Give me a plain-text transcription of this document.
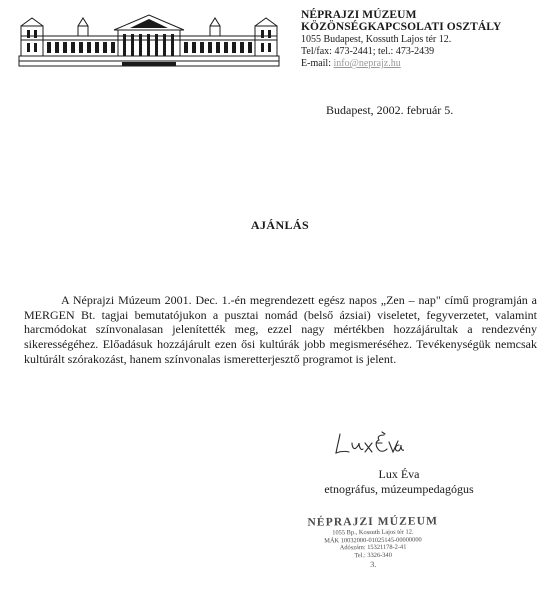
NÉPRAJZI MÚZEUM
KÖZÖNSÉGKAPCSOLATI OSZTÁLY
1055 Budapest, Kossuth Lajos tér 12.
Tel/fax: 473-2441; tel.: 473-2439
E-mail: info@neprajz.hu
Budapest, 2002. február 5.
AJÁNLÁS

A Néprajzi Múzeum 2001. Dec. 1.-én megrendezett egész napos „Zen – nap" című programján a MERGEN Bt. tagjai bemutatójukon a pusztai nomád (belső ázsiai) viseletet, fegyverzetet, valamint harcmódokat színvonalasan jelenítették meg, ezzel nagy mértékben hozzájárultak a rendezvény sikerességéhez. Előadásuk hozzájárult ezen ősi kultúrák jobb megismeréséhez. Tevékenységük nemcsak kultúrált szórakozást, hanem színvonalas ismeretterjesztő programot is jelent.

Lux Éva
etnográfus, múzeumpedagógus
NÉPRAJZI MÚZEUM
1055 Bp., Kossuth Lajos tér 12.
MÁK 10032000-01025145-00000000
Adószám: 15321178-2-41
Tel.: 3326-340
3.
